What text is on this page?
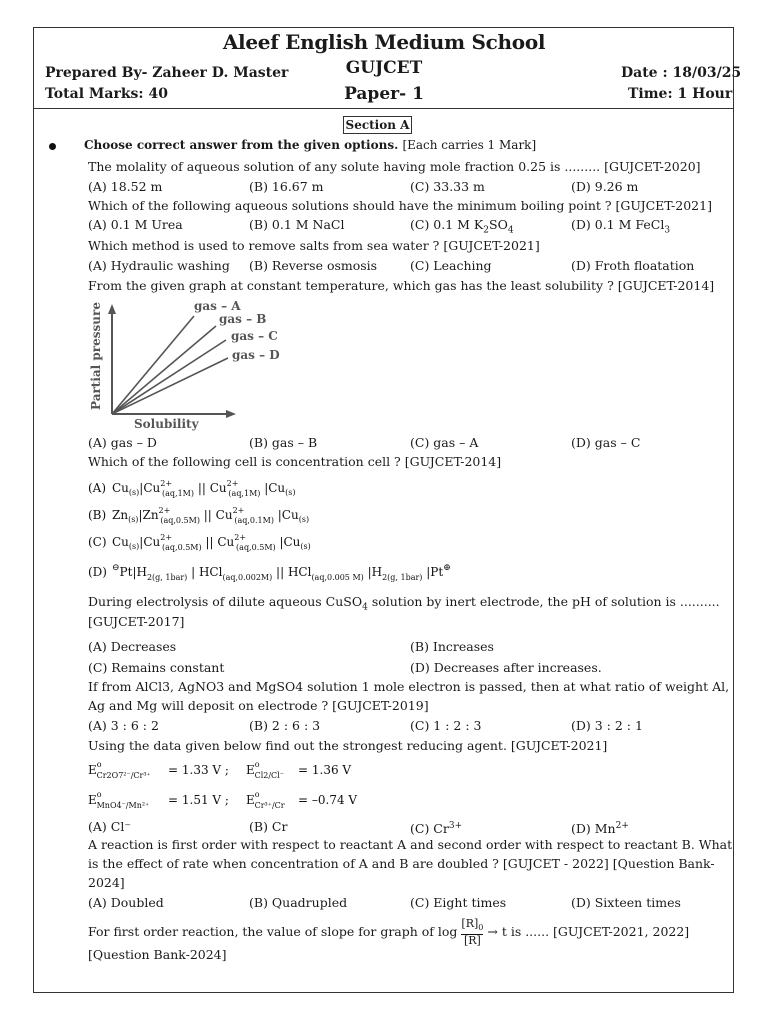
Aleef English Medium School
Prepared By- Zaheer D. Master	GUJCET	Date : 18/03/25
Total Marks: 40	Paper- 1	Time: 1 Hour
Section A
Choose correct answer from the given options. [Each carries 1 Mark]
The molality of aqueous solution of any solute having mole fraction 0.25 is ......... [GUJCET-2020]
(A) 18.52 m	(B) 16.67 m	(C) 33.33 m	(D) 9.26 m
Which of the following aqueous solutions should have the minimum boiling point ? [GUJCET-2021]
(A) 0.1 M Urea	(B) 0.1 M NaCl	(C) 0.1 M $K_2SO_4$	(D) 0.1 M FeCl$_3$
Which method is used to remove salts from sea water ? [GUJCET-2021]
(A) Hydraulic washing (B) Reverse osmosis	(C) Leaching	(D) Froth floatation
From the given graph at constant temperature, which gas has the least solubility ? [GUJCET-2014]
gas – A
gas – B
gas – C
gas – D
Partial pressure
Solubility
(A) gas – D	(B) gas – B	(C) gas – A	(D) gas – C
Which of the following cell is concentration cell ? [GUJCET-2014]
(A) $Cu_{(s)}|Cu^{2+}$ (aq,1M) || $Cu^{2+}$ (aq,1M) $|Cu_{(s)}$
(B) $Zn_{(s)}|Zn^{2+}$ (aq,0.5M) || $Cu^{2+}$ (aq,0.1M) $|Cu_{(s)}$
(C) $Cu_{(s)}|Cu^{2+}$ (aq,0.5M) || $Cu^{2+}$ (aq,0.5M) $|Cu_{(s)}$
(D) $^⊖Pt|H_{2(g, 1bar)}$ | HCl$_{(aq,0.002M)}$ || HCl$_{(aq,0.005 M)}$ $|H_{2(g, 1bar)}$ |Pt⊕
During electrolysis of dilute aqueous CuSO$_4$ solution by inert electrode, the pH of solution is ..........
[GUJCET-2017]
(A) Decreases	(B) Increases
(C) Remains constant	(D) Decreases after increases.
If from AlCl3, AgNO3 and MgSO4 solution 1 mole electron is passed, then at what ratio of weight Al,
Ag and Mg will deposit on electrode ? [GUJCET-2019]
(A) 3 : 6 : 2	(B) 2 : 6 : 3	(C) 1 : 2 : 3	(D) 3 : 2 : 1
Using the data given below find out the strongest reducing agent. [GUJCET-2021]
$E^o$ Cr2O7²⁻/Cr³⁺ = 1.33 V ; $E^o$ Cl2/Cl⁻ = 1.36 V
$E^o$ MnO4⁻/Mn²⁺ = 1.51 V ; $E^o$ Cr³⁺/Cr = –0.74 V
(A) Cl⁻	(B) Cr	(C) $Cr^{3+}$	(D) $Mn^{2+}$
A reaction is first order with respect to reactant A and second order with respect to reactant B. What
is the effect of rate when concentration of A and B are doubled ? [GUJCET - 2022] [Question Bank-
2024]
(A) Doubled	(B) Quadrupled	(C) Eight times	(D) Sixteen times
For first order reaction, the value of slope for graph of $\log \frac{[R]_0}{[R]} \to t$ is ...... [GUJCET-2021, 2022]
[Question Bank-2024]
